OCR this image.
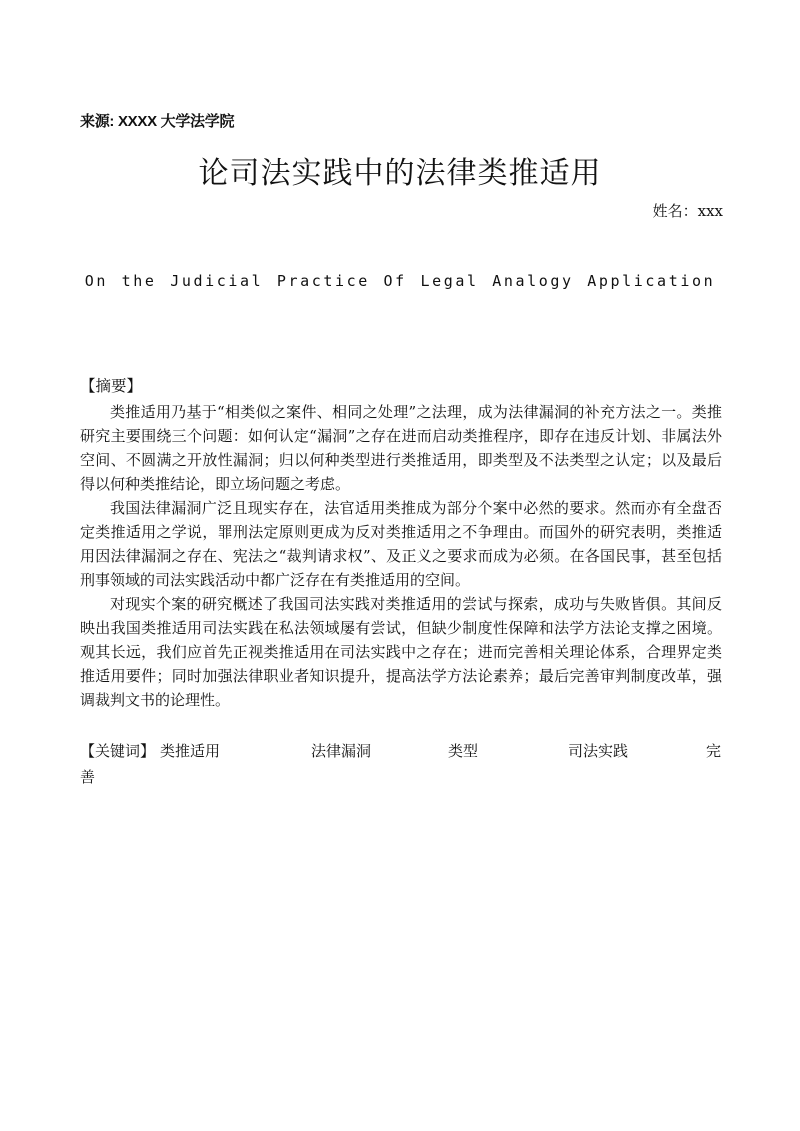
来源: XXXX 大学法学院
论司法实践中的法律类推适用
姓名：xxx
On the Judicial Practice Of Legal Analogy Application
【摘要】

类推适用乃基于“相类似之案件、相同之处理”之法理，成为法律漏洞的补充方法之一。类推研究主要围绕三个问题：如何认定“漏洞”之存在进而启动类推程序，即存在违反计划、非属法外空间、不圆满之开放性漏洞；归以何种类型进行类推适用，即类型及不法类型之认定；以及最后得以何种类推结论，即立场问题之考虑。

我国法律漏洞广泛且现实存在，法官适用类推成为部分个案中必然的要求。然而亦有全盘否定类推适用之学说，罪刑法定原则更成为反对类推适用之不争理由。而国外的研究表明，类推适用因法律漏洞之存在、宪法之“裁判请求权”、及正义之要求而成为必须。在各国民事，甚至包括刑事领域的司法实践活动中都广泛存在有类推适用的空间。

对现实个案的研究概述了我国司法实践对类推适用的尝试与探索，成功与失败皆俱。其间反映出我国类推适用司法实践在私法领域屡有尝试，但缺少制度性保障和法学方法论支撑之困境。观其长远，我们应首先正视类推适用在司法实践中之存在；进而完善相关理论体系，合理界定类推适用要件；同时加强法律职业者知识提升，提高法学方法论素养；最后完善审判制度改革，强调裁判文书的论理性。

【关键词】 类推适用	法律漏洞	类型	司法实践	完
善
